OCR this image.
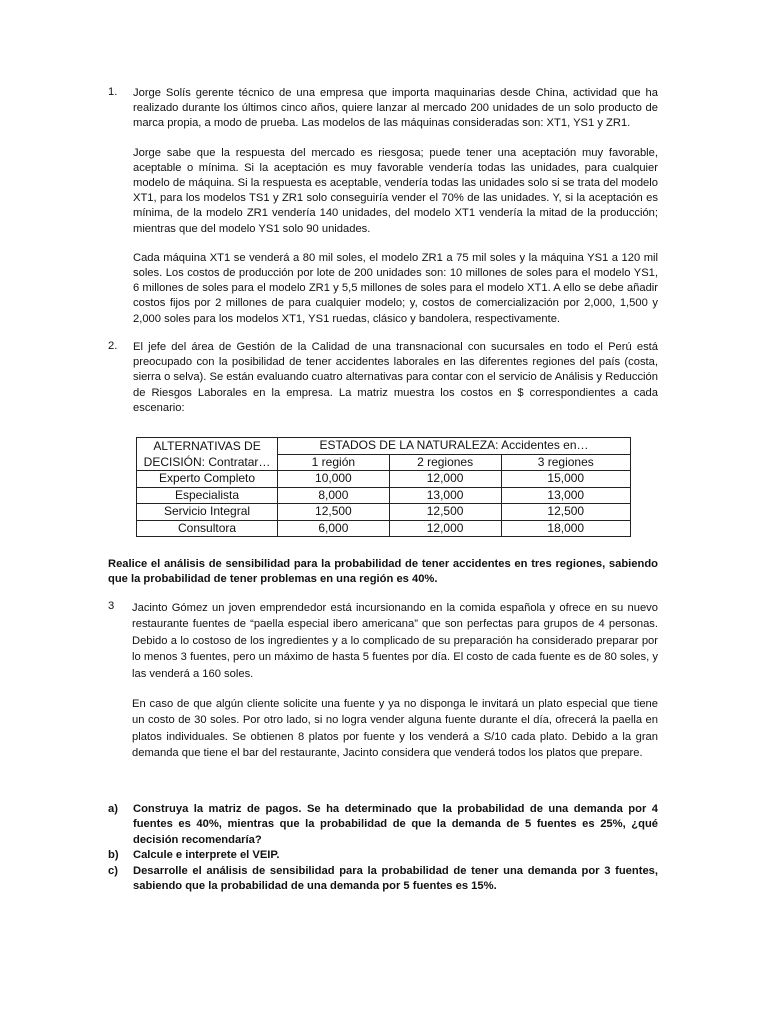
1.	Jorge Solís gerente técnico de una empresa que importa maquinarias desde China, actividad que ha realizado durante los últimos cinco años, quiere lanzar al mercado 200 unidades de un solo producto de marca propia, a modo de prueba. Las modelos de las máquinas consideradas son: XT1, YS1 y ZR1.

Jorge sabe que la respuesta del mercado es riesgosa; puede tener una aceptación muy favorable, aceptable o mínima. Si la aceptación es muy favorable vendería todas las unidades, para cualquier modelo de máquina. Si la respuesta es aceptable, vendería todas las unidades solo si se trata del modelo XT1, para los modelos TS1 y ZR1 solo conseguiría vender el 70% de las unidades. Y, si la aceptación es mínima, de la modelo ZR1 vendería 140 unidades, del modelo XT1 vendería la mitad de la producción; mientras que del modelo YS1 solo 90 unidades.

Cada máquina XT1 se venderá a 80 mil soles, el modelo ZR1 a 75 mil soles y la máquina YS1 a 120 mil soles. Los costos de producción por lote de 200 unidades son: 10 millones de soles para el modelo YS1, 6 millones de soles para el modelo ZR1 y 5,5 millones de soles para el modelo XT1. A ello se debe añadir costos fijos por 2 millones de para cualquier modelo; y, costos de comercialización por 2,000, 1,500 y 2,000 soles para los modelos XT1, YS1 ruedas, clásico y bandolera, respectivamente.

2.	El jefe del área de Gestión de la Calidad de una transnacional con sucursales en todo el Perú está preocupado con la posibilidad de tener accidentes laborales en las diferentes regiones del país (costa, sierra o selva). Se están evaluando cuatro alternativas para contar con el servicio de Análisis y Reducción de Riesgos Laborales en la empresa. La matriz muestra los costos en $ correspondientes a cada escenario:

ALTERNATIVAS DE	ESTADOS DE LA NATURALEZA: Accidentes en…		
DECISIÓN: Contratar…	1 región	2 regiones	3 regiones
Experto Completo	10,000	12,000	15,000
Especialista	8,000	13,000	13,000
Servicio Integral	12,500	12,500	12,500
Consultora	6,000	12,000	18,000
Realice el análisis de sensibilidad para la probabilidad de tener accidentes en tres regiones, sabiendo que la probabilidad de tener problemas en una región es 40%.
3	Jacinto Gómez un joven emprendedor está incursionando en la comida española y ofrece en su nuevo restaurante fuentes de “paella especial ibero americana” que son perfectas para grupos de 4 personas. Debido a lo costoso de los ingredientes y a lo complicado de su preparación ha considerado preparar por lo menos 3 fuentes, pero un máximo de hasta 5 fuentes por día. El costo de cada fuente es de 80 soles, y las venderá a 160 soles.

En caso de que algún cliente solicite una fuente y ya no disponga le invitará un plato especial que tiene un costo de 30 soles. Por otro lado, si no logra vender alguna fuente durante el día, ofrecerá la paella en platos individuales. Se obtienen 8 platos por fuente y los venderá a S/10 cada plato. Debido a la gran demanda que tiene el bar del restaurante, Jacinto considera que venderá todos los platos que prepare.

a) Construya la matriz de pagos. Se ha determinado que la probabilidad de una demanda por 4 fuentes es 40%, mientras que la probabilidad de que la demanda de 5 fuentes es 25%, ¿qué decisión recomendaría?
b) Calcule e interprete el VEIP.
c) Desarrolle el análisis de sensibilidad para la probabilidad de tener una demanda por 3 fuentes, sabiendo que la probabilidad de una demanda por 5 fuentes es 15%.
